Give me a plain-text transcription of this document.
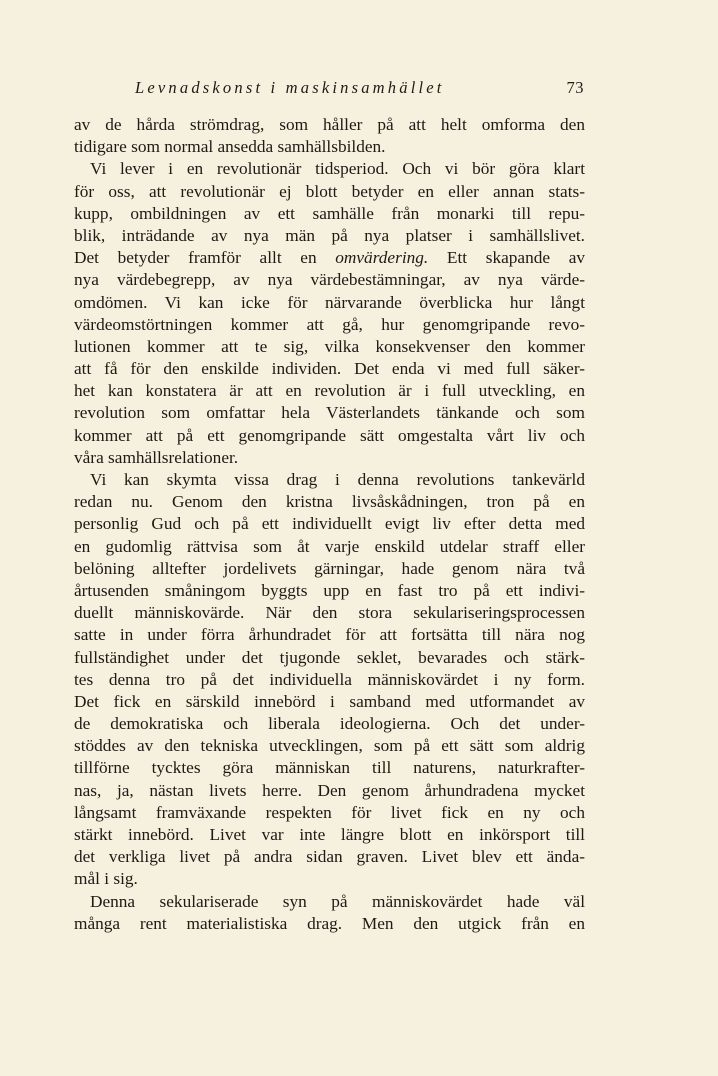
Levnadskonst i maskinsamhället	73
av de hårda strömdrag, som håller på att helt omforma den
tidigare som normal ansedda samhällsbilden.
Vi lever i en revolutionär tidsperiod. Och vi bör göra klart
för oss, att revolutionär ej blott betyder en eller annan stats-
kupp, ombildningen av ett samhälle från monarki till repu-
blik, inträdande av nya män på nya platser i samhällslivet.
Det betyder framför allt en omvärdering. Ett skapande av
nya värdebegrepp, av nya värdebestämningar, av nya värde-
omdömen. Vi kan icke för närvarande överblicka hur långt
värdeomstörtningen kommer att gå, hur genomgripande revo-
lutionen kommer att te sig, vilka konsekvenser den kommer
att få för den enskilde individen. Det enda vi med full säker-
het kan konstatera är att en revolution är i full utveckling, en
revolution som omfattar hela Västerlandets tänkande och som
kommer att på ett genomgripande sätt omgestalta vårt liv och
våra samhällsrelationer.
Vi kan skymta vissa drag i denna revolutions tankevärld
redan nu. Genom den kristna livsåskådningen, tron på en
personlig Gud och på ett individuellt evigt liv efter detta med
en gudomlig rättvisa som åt varje enskild utdelar straff eller
belöning alltefter jordelivets gärningar, hade genom nära två
årtusenden småningom byggts upp en fast tro på ett indivi-
duellt människovärde. När den stora sekulariseringsprocessen
satte in under förra århundradet för att fortsätta till nära nog
fullständighet under det tjugonde seklet, bevarades och stärk-
tes denna tro på det individuella människovärdet i ny form.
Det fick en särskild innebörd i samband med utformandet av
de demokratiska och liberala ideologierna. Och det under-
stöddes av den tekniska utvecklingen, som på ett sätt som aldrig
tillförne tycktes göra människan till naturens, naturkrafter-
nas, ja, nästan livets herre. Den genom århundradena mycket
långsamt framväxande respekten för livet fick en ny och
stärkt innebörd. Livet var inte längre blott en inkörsport till
det verkliga livet på andra sidan graven. Livet blev ett ända-
mål i sig.
Denna sekulariserade syn på människovärdet hade väl
många rent materialistiska drag. Men den utgick från en
